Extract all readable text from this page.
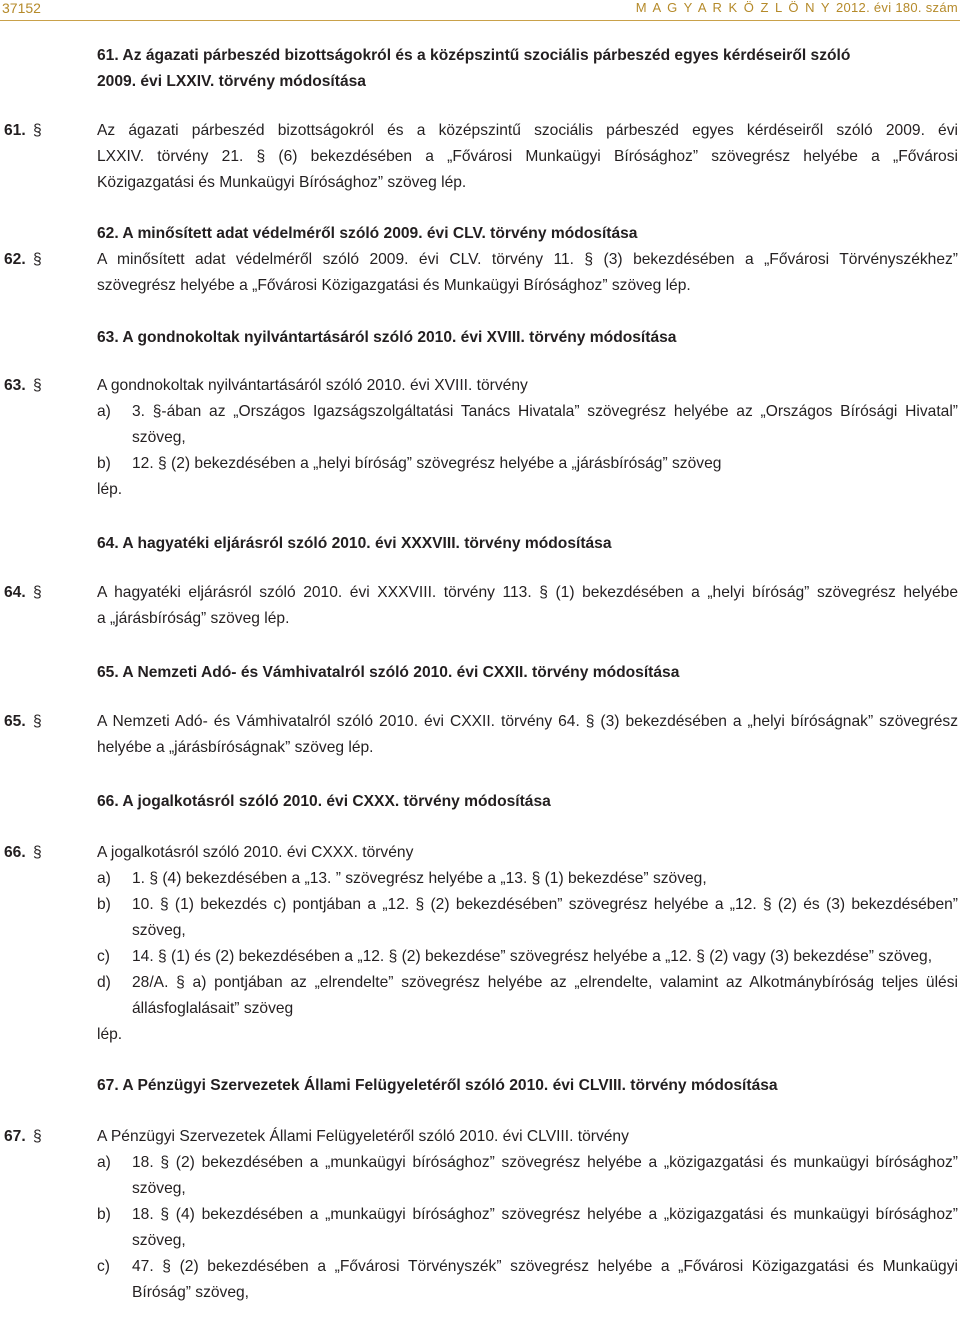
37152	M A G Y A R K Ö Z L Ö N Y 2012. évi 180. szám
61. Az ágazati párbeszéd bizottságokról és a középszintű szociális párbeszéd egyes kérdéseiről szóló
2009. évi LXXIV. törvény módosítása
61. §	Az ágazati párbeszéd bizottságokról és a középszintű szociális párbeszéd egyes kérdéseiről szóló 2009. évi
LXXIV. törvény 21. § (6) bekezdésében a „Fővárosi Munkaügyi Bírósághoz” szövegrész helyébe a „Fővárosi
Közigazgatási és Munkaügyi Bírósághoz” szöveg lép.
62. A minősített adat védelméről szóló 2009. évi CLV. törvény módosítása
62. §	A minősített adat védelméről szóló 2009. évi CLV. törvény 11. § (3) bekezdésében a „Fővárosi Törvényszékhez”
szövegrész helyébe a „Fővárosi Közigazgatási és Munkaügyi Bírósághoz” szöveg lép.
63. A gondnokoltak nyilvántartásáról szóló 2010. évi XVIII. törvény módosítása
63. §	A gondnokoltak nyilvántartásáról szóló 2010. évi XVIII. törvény
a) 3. §-ában az „Országos Igazságszolgáltatási Tanács Hivatala” szövegrész helyébe az „Országos Bírósági Hivatal”
szöveg,
b) 12. § (2) bekezdésében a „helyi bíróság” szövegrész helyébe a „járásbíróság” szöveg
lép.
64. A hagyatéki eljárásról szóló 2010. évi XXXVIII. törvény módosítása
64. §	A hagyatéki eljárásról szóló 2010. évi XXXVIII. törvény 113. § (1) bekezdésében a „helyi bíróság” szövegrész helyébe
a „járásbíróság” szöveg lép.
65. A Nemzeti Adó- és Vámhivatalról szóló 2010. évi CXXII. törvény módosítása
65. §	A Nemzeti Adó- és Vámhivatalról szóló 2010. évi CXXII. törvény 64. § (3) bekezdésében a „helyi bíróságnak” szövegrész
helyébe a „járásbíróságnak” szöveg lép.
66. A jogalkotásról szóló 2010. évi CXXX. törvény módosítása
66. §	A jogalkotásról szóló 2010. évi CXXX. törvény
a) 1. § (4) bekezdésében a „13. ” szövegrész helyébe a „13. § (1) bekezdése” szöveg,
b) 10. § (1) bekezdés c) pontjában a „12. § (2) bekezdésében” szövegrész helyébe a „12. § (2) és (3) bekezdésében”
szöveg,
c) 14. § (1) és (2) bekezdésében a „12. § (2) bekezdése” szövegrész helyébe a „12. § (2) vagy (3) bekezdése” szöveg,
d) 28/A. § a) pontjában az „elrendelte” szövegrész helyébe az „elrendelte, valamint az Alkotmánybíróság teljes ülési
állásfoglalásait” szöveg
lép.
67. A Pénzügyi Szervezetek Állami Felügyeletéről szóló 2010. évi CLVIII. törvény módosítása
67. §	A Pénzügyi Szervezetek Állami Felügyeletéről szóló 2010. évi CLVIII. törvény
a) 18. § (2) bekezdésében a „munkaügyi bírósághoz” szövegrész helyébe a „közigazgatási és munkaügyi bírósághoz”
szöveg,
b) 18. § (4) bekezdésében a „munkaügyi bírósághoz” szövegrész helyébe a „közigazgatási és munkaügyi bírósághoz”
szöveg,
c) 47. § (2) bekezdésében a „Fővárosi Törvényszék” szövegrész helyébe a „Fővárosi Közigazgatási és Munkaügyi
Bíróság” szöveg,
